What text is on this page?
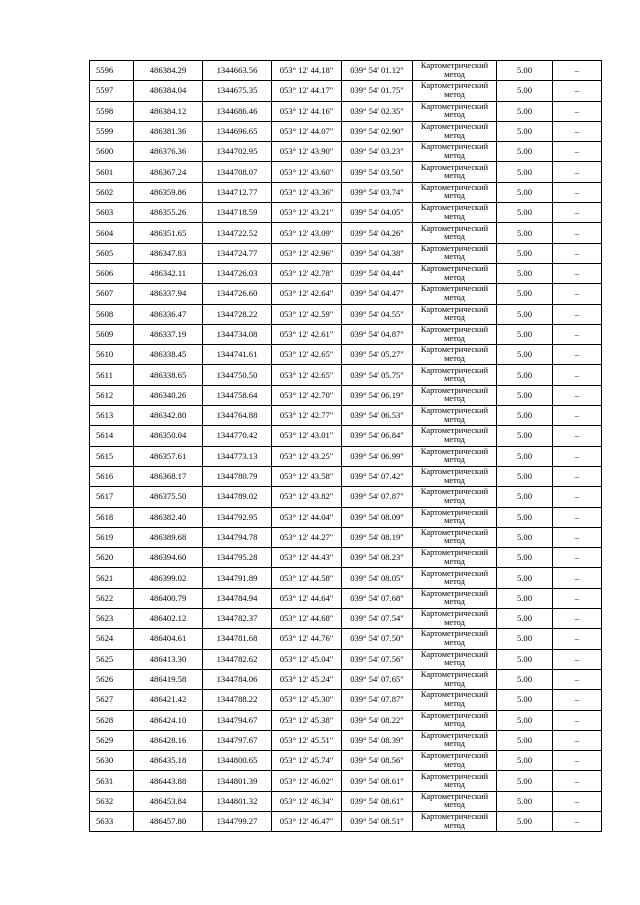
5596	486384.29	1344663.56	053° 12' 44.18"	039° 54' 01.12"	Картометрический метод	5.00	–
5597	486384.04	1344675.35	053° 12' 44.17"	039° 54' 01.75"	Картометрический метод	5.00	–
5598	486384.12	1344686.46	053° 12' 44.16"	039° 54' 02.35"	Картометрический метод	5.00	–
5599	486381.36	1344696.65	053° 12' 44.07"	039° 54' 02.90"	Картометрический метод	5.00	–
5600	486376.36	1344702.95	053° 12' 43.90"	039° 54' 03.23"	Картометрический метод	5.00	–
5601	486367.24	1344708.07	053° 12' 43.60"	039° 54' 03.50"	Картометрический метод	5.00	–
5602	486359.86	1344712.77	053° 12' 43.36"	039° 54' 03.74"	Картометрический метод	5.00	–
5603	486355.26	1344718.59	053° 12' 43.21"	039° 54' 04.05"	Картометрический метод	5.00	–
5604	486351.65	1344722.52	053° 12' 43.09"	039° 54' 04.26"	Картометрический метод	5.00	–
5605	486347.83	1344724.77	053° 12' 42.96"	039° 54' 04.38"	Картометрический метод	5.00	–
5606	486342.11	1344726.03	053° 12' 42.78"	039° 54' 04.44"	Картометрический метод	5.00	–
5607	486337.94	1344726.60	053° 12' 42.64"	039° 54' 04.47"	Картометрический метод	5.00	–
5608	486336.47	1344728.22	053° 12' 42.59"	039° 54' 04.55"	Картометрический метод	5.00	–
5609	486337.19	1344734.08	053° 12' 42.61"	039° 54' 04.87"	Картометрический метод	5.00	–
5610	486338.45	1344741.61	053° 12' 42.65"	039° 54' 05.27"	Картометрический метод	5.00	–
5611	486338.65	1344750.50	053° 12' 42.65"	039° 54' 05.75"	Картометрический метод	5.00	–
5612	486340.26	1344758.64	053° 12' 42.70"	039° 54' 06.19"	Картометрический метод	5.00	–
5613	486342.80	1344764.88	053° 12' 42.77"	039° 54' 06.53"	Картометрический метод	5.00	–
5614	486350.04	1344770.42	053° 12' 43.01"	039° 54' 06.84"	Картометрический метод	5.00	–
5615	486357.61	1344773.13	053° 12' 43.25"	039° 54' 06.99"	Картометрический метод	5.00	–
5616	486368.17	1344780.79	053° 12' 43.58"	039° 54' 07.42"	Картометрический метод	5.00	–
5617	486375.50	1344789.02	053° 12' 43.82"	039° 54' 07.87"	Картометрический метод	5.00	–
5618	486382.40	1344792.95	053° 12' 44.04"	039° 54' 08.09"	Картометрический метод	5.00	–
5619	486389.68	1344794.78	053° 12' 44.27"	039° 54' 08.19"	Картометрический метод	5.00	–
5620	486394.60	1344795.28	053° 12' 44.43"	039° 54' 08.23"	Картометрический метод	5.00	–
5621	486399.02	1344791.89	053° 12' 44.58"	039° 54' 08.05"	Картометрический метод	5.00	–
5622	486400.79	1344784.94	053° 12' 44.64"	039° 54' 07.68"	Картометрический метод	5.00	–
5623	486402.12	1344782.37	053° 12' 44.68"	039° 54' 07.54"	Картометрический метод	5.00	–
5624	486404.61	1344781.68	053° 12' 44.76"	039° 54' 07.50"	Картометрический метод	5.00	–
5625	486413.30	1344782.62	053° 12' 45.04"	039° 54' 07.56"	Картометрический метод	5.00	–
5626	486419.58	1344784.06	053° 12' 45.24"	039° 54' 07.65"	Картометрический метод	5.00	–
5627	486421.42	1344788.22	053° 12' 45.30"	039° 54' 07.87"	Картометрический метод	5.00	–
5628	486424.10	1344794.67	053° 12' 45.38"	039° 54' 08.22"	Картометрический метод	5.00	–
5629	486428.16	1344797.67	053° 12' 45.51"	039° 54' 08.39"	Картометрический метод	5.00	–
5630	486435.18	1344800.65	053° 12' 45.74"	039° 54' 08.56"	Картометрический метод	5.00	–
5631	486443.88	1344801.39	053° 12' 46.02"	039° 54' 08.61"	Картометрический метод	5.00	–
5632	486453.84	1344801.32	053° 12' 46.34"	039° 54' 08.61"	Картометрический метод	5.00	–
5633	486457.80	1344799.27	053° 12' 46.47"	039° 54' 08.51"	Картометрический метод	5.00	–
